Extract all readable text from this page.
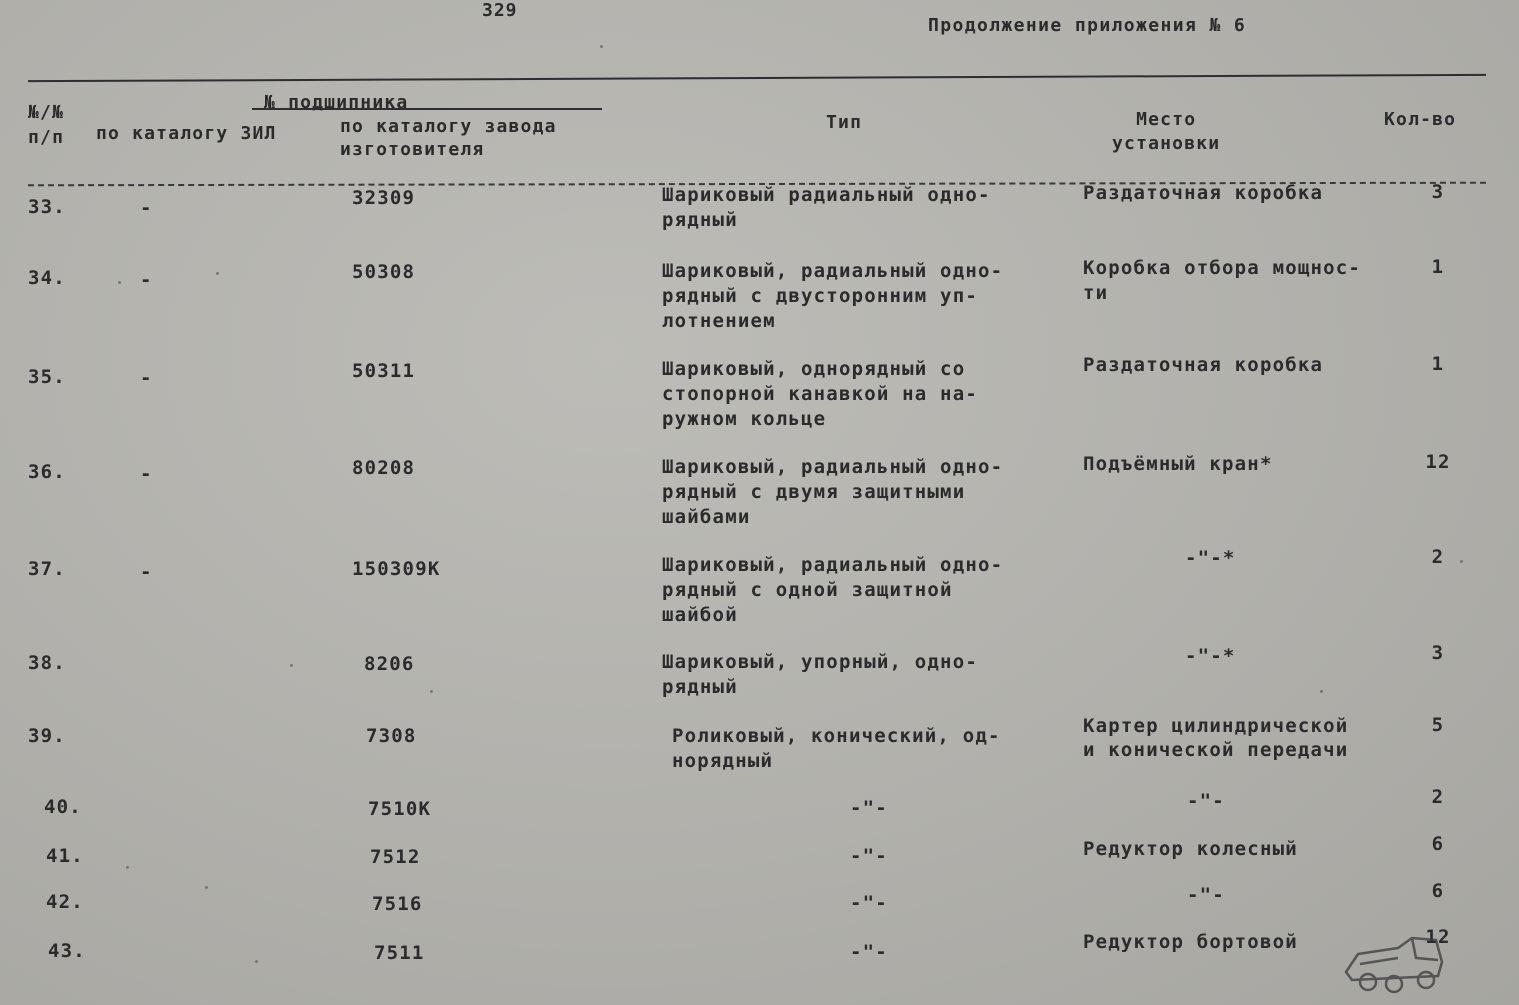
329
Продолжение приложения № 6
№/№
п/п
№ подшипника
по каталогу ЗИЛ	по каталогу завода
изготовителя
Тип	Место
установки
Кол-во
33.	-	32309	Шариковый радиальный одно-
рядный
Раздаточная коробка	3
34.	-	50308	Шариковый, радиальный одно-
рядный с двусторонним уп-
лотнением
Коробка отбора мощнос-
ти
1
35.	-	50311	Шариковый, однорядный со
стопорной канавкой на на-
ружном кольце
Раздаточная коробка	1
36.	-	80208	Шариковый, радиальный одно-
рядный с двумя защитными
шайбами
Подъёмный кран*	12
37.	-	150309K	Шариковый, радиальный одно-
рядный с одной защитной
шайбой
-"-*	2
38.	8206	Шариковый, упорный, одно-
рядный
-"-*	3
39.	7308	Роликовый, конический, од-
норядный
Картер цилиндрической
и конической передачи
5
40.	7510K	-"-	-"-	2
41.	7512	-"-	Редуктор колесный	6
42.	7516	-"-	-"-	6
43.	7511	-"-	Редуктор бортовой	12
